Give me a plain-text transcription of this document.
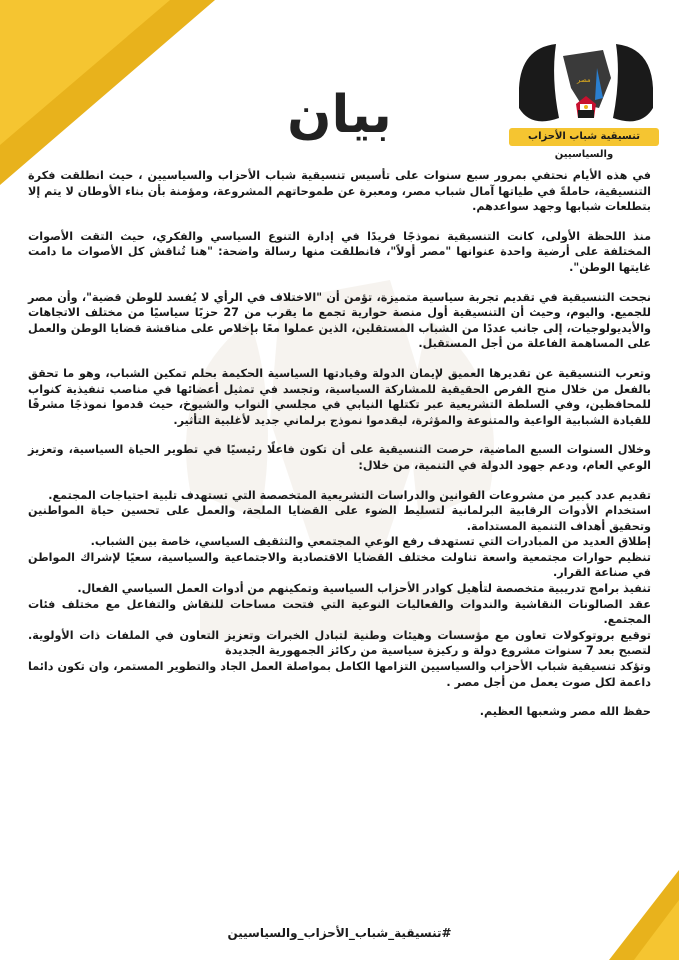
مصر
تنسيقية شباب الأحزاب والسياسيين
بيان

في هذه الأيام نحتفي بمرور سبع سنوات على تأسيس تنسيقية شباب الأحزاب والسياسيين ، حيث انطلقت فكرة التنسيقية، حاملةً في طياتها آمال شباب مصر، ومعبرة عن طموحاتهم المشروعة، ومؤمنة بأن بناء الأوطان لا يتم إلا بتطلعات شبابها وجهد سواعدهم.

منذ اللحظة الأولى، كانت التنسيقية نموذجًا فريدًا في إدارة التنوع السياسي والفكري، حيث التقت الأصوات المختلفة على أرضية واحدة عنوانها "مصر أولاً"، فانطلقت منها رسالة واضحة: "هنا تُناقش كل الأصوات ما دامت غايتها الوطن".

نجحت التنسيقية في تقديم تجربة سياسية متميزة، تؤمن أن "الاختلاف في الرأي لا يُفسد للوطن قضية"، وأن مصر للجميع. واليوم، وحيث أن التنسيقية أول منصة حوارية تجمع ما يقرب من 27 حزبًا سياسيًا من مختلف الاتجاهات والأيديولوجيات، إلى جانب عددًا من الشباب المستقلين، الذين عملوا معًا بإخلاص على مناقشة قضايا الوطن والعمل على المساهمة الفاعلة من أجل المستقبل.

وتعرب التنسيقية عن تقديرها العميق لإيمان الدولة وقيادتها السياسية الحكيمة بحلم تمكين الشباب، وهو ما تحقق بالفعل من خلال منح الفرص الحقيقية للمشاركة السياسية، وتجسد في تمثيل أعضائها في مناصب تنفيذية كنواب للمحافظين، وفي السلطة التشريعية عبر تكتلها النيابي في مجلسي النواب والشيوخ، حيث قدموا نموذجًا مشرفًا للقيادة الشبابية الواعية والمتنوعة والمؤثرة، ليقدموا نموذج برلماني جديد لأغلبية التأثير.

وخلال السنوات السبع الماضية، حرصت التنسيقية على أن تكون فاعلًا رئيسيًا في تطوير الحياة السياسية، وتعزيز الوعي العام، ودعم جهود الدولة في التنمية، من خلال:

تقديم عدد كبير من مشروعات القوانين والدراسات التشريعية المتخصصة التي تستهدف تلبية احتياجات المجتمع.
استخدام الأدوات الرقابية البرلمانية لتسليط الضوء على القضايا الملحة، والعمل على تحسين حياة المواطنين وتحقيق أهداف التنمية المستدامة.
إطلاق العديد من المبادرات التي تستهدف رفع الوعي المجتمعي والتثقيف السياسي، خاصة بين الشباب.
تنظيم حوارات مجتمعية واسعة تناولت مختلف القضايا الاقتصادية والاجتماعية والسياسية، سعيًا لإشراك المواطن في صناعة القرار.
تنفيذ برامج تدريبية متخصصة لتأهيل كوادر الأحزاب السياسية وتمكينهم من أدوات العمل السياسي الفعال.
عقد الصالونات النقاشية والندوات والفعاليات النوعية التي فتحت مساحات للنقاش والتفاعل مع مختلف فئات المجتمع.
توقيع بروتوكولات تعاون مع مؤسسات وهيئات وطنية لتبادل الخبرات وتعزيز التعاون في الملفات ذات الأولوية. لتصبح بعد 7 سنوات مشروع دولة و ركيزة سياسية من ركائز الجمهورية الجديدة
وتؤكد تنسيقية شباب الأحزاب والسياسيين التزامها الكامل بمواصلة العمل الجاد والتطوير المستمر، وان تكون دائما داعمة لكل صوت يعمل من أجل مصر .

حفظ الله مصر وشعبها العظيم.

#تنسيقية_شباب_الأحزاب_والسياسيين
